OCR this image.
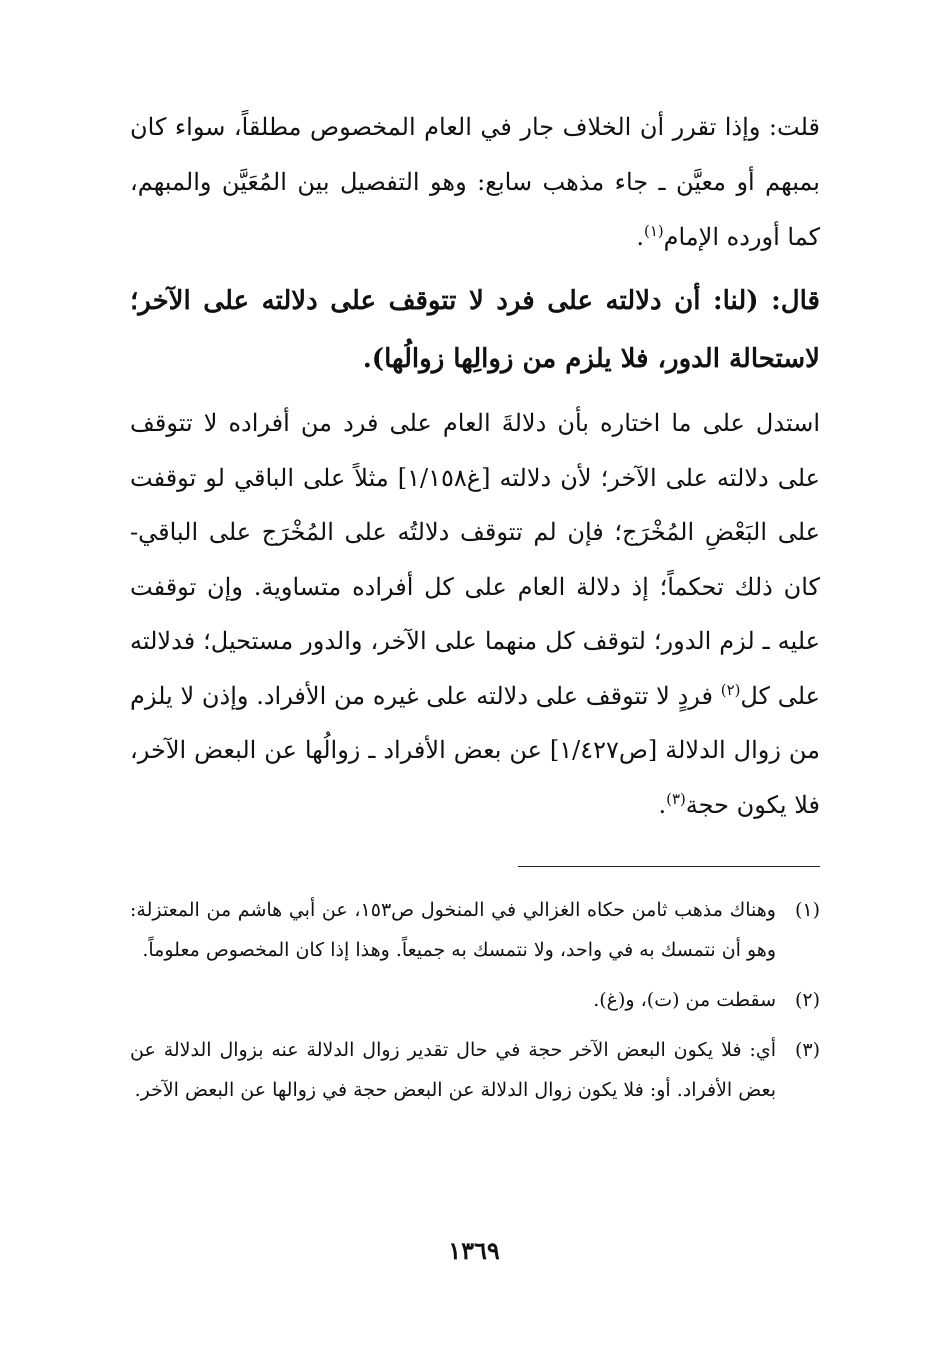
قلت: وإذا تقرر أن الخلاف جار في العام المخصوص مطلقاً، سواء كان بمبهم أو معيَّن ـ جاء مذهب سابع: وهو التفصيل بين المُعَيَّن والمبهم، كما أورده الإمام$^{(١)}$.

قال: (لنا: أن دلالته على فرد لا تتوقف على دلالته على الآخر؛ لاستحالة الدور، فلا يلزم من زوالِها زوالُها).

استدل على ما اختاره بأن دلالةَ العام على فرد من أفراده لا تتوقف على دلالته على الآخر؛ لأن دلالته [غ١/١٥٨] مثلاً على الباقي لو توقفت على البَعْضِ المُخْرَج؛ فإن لم تتوقف دلالتُه على المُخْرَج على الباقي- كان ذلك تحكماً؛ إذ دلالة العام على كل أفراده متساوية. وإن توقفت عليه ـ لزم الدور؛ لتوقف كل منهما على الآخر، والدور مستحيل؛ فدلالته على كل$^{(٢)}$ فردٍ لا تتوقف على دلالته على غيره من الأفراد. وإذن لا يلزم من زوال الدلالة [ص١/٤٢٧] عن بعض الأفراد ـ زوالُها عن البعض الآخر، فلا يكون حجة$^{(٣)}$.

(١)
وهناك مذهب ثامن حكاه الغزالي في المنخول ص١٥٣، عن أبي هاشم من المعتزلة: وهو أن نتمسك به في واحد، ولا نتمسك به جميعاً. وهذا إذا كان المخصوص معلوماً.
(٢)
سقطت من (ت)، و(غ).
(٣)
أي: فلا يكون البعض الآخر حجة في حال تقدير زوال الدلالة عنه بزوال الدلالة عن بعض الأفراد. أو: فلا يكون زوال الدلالة عن البعض حجة في زوالها عن البعض الآخر.
١٣٦٩
